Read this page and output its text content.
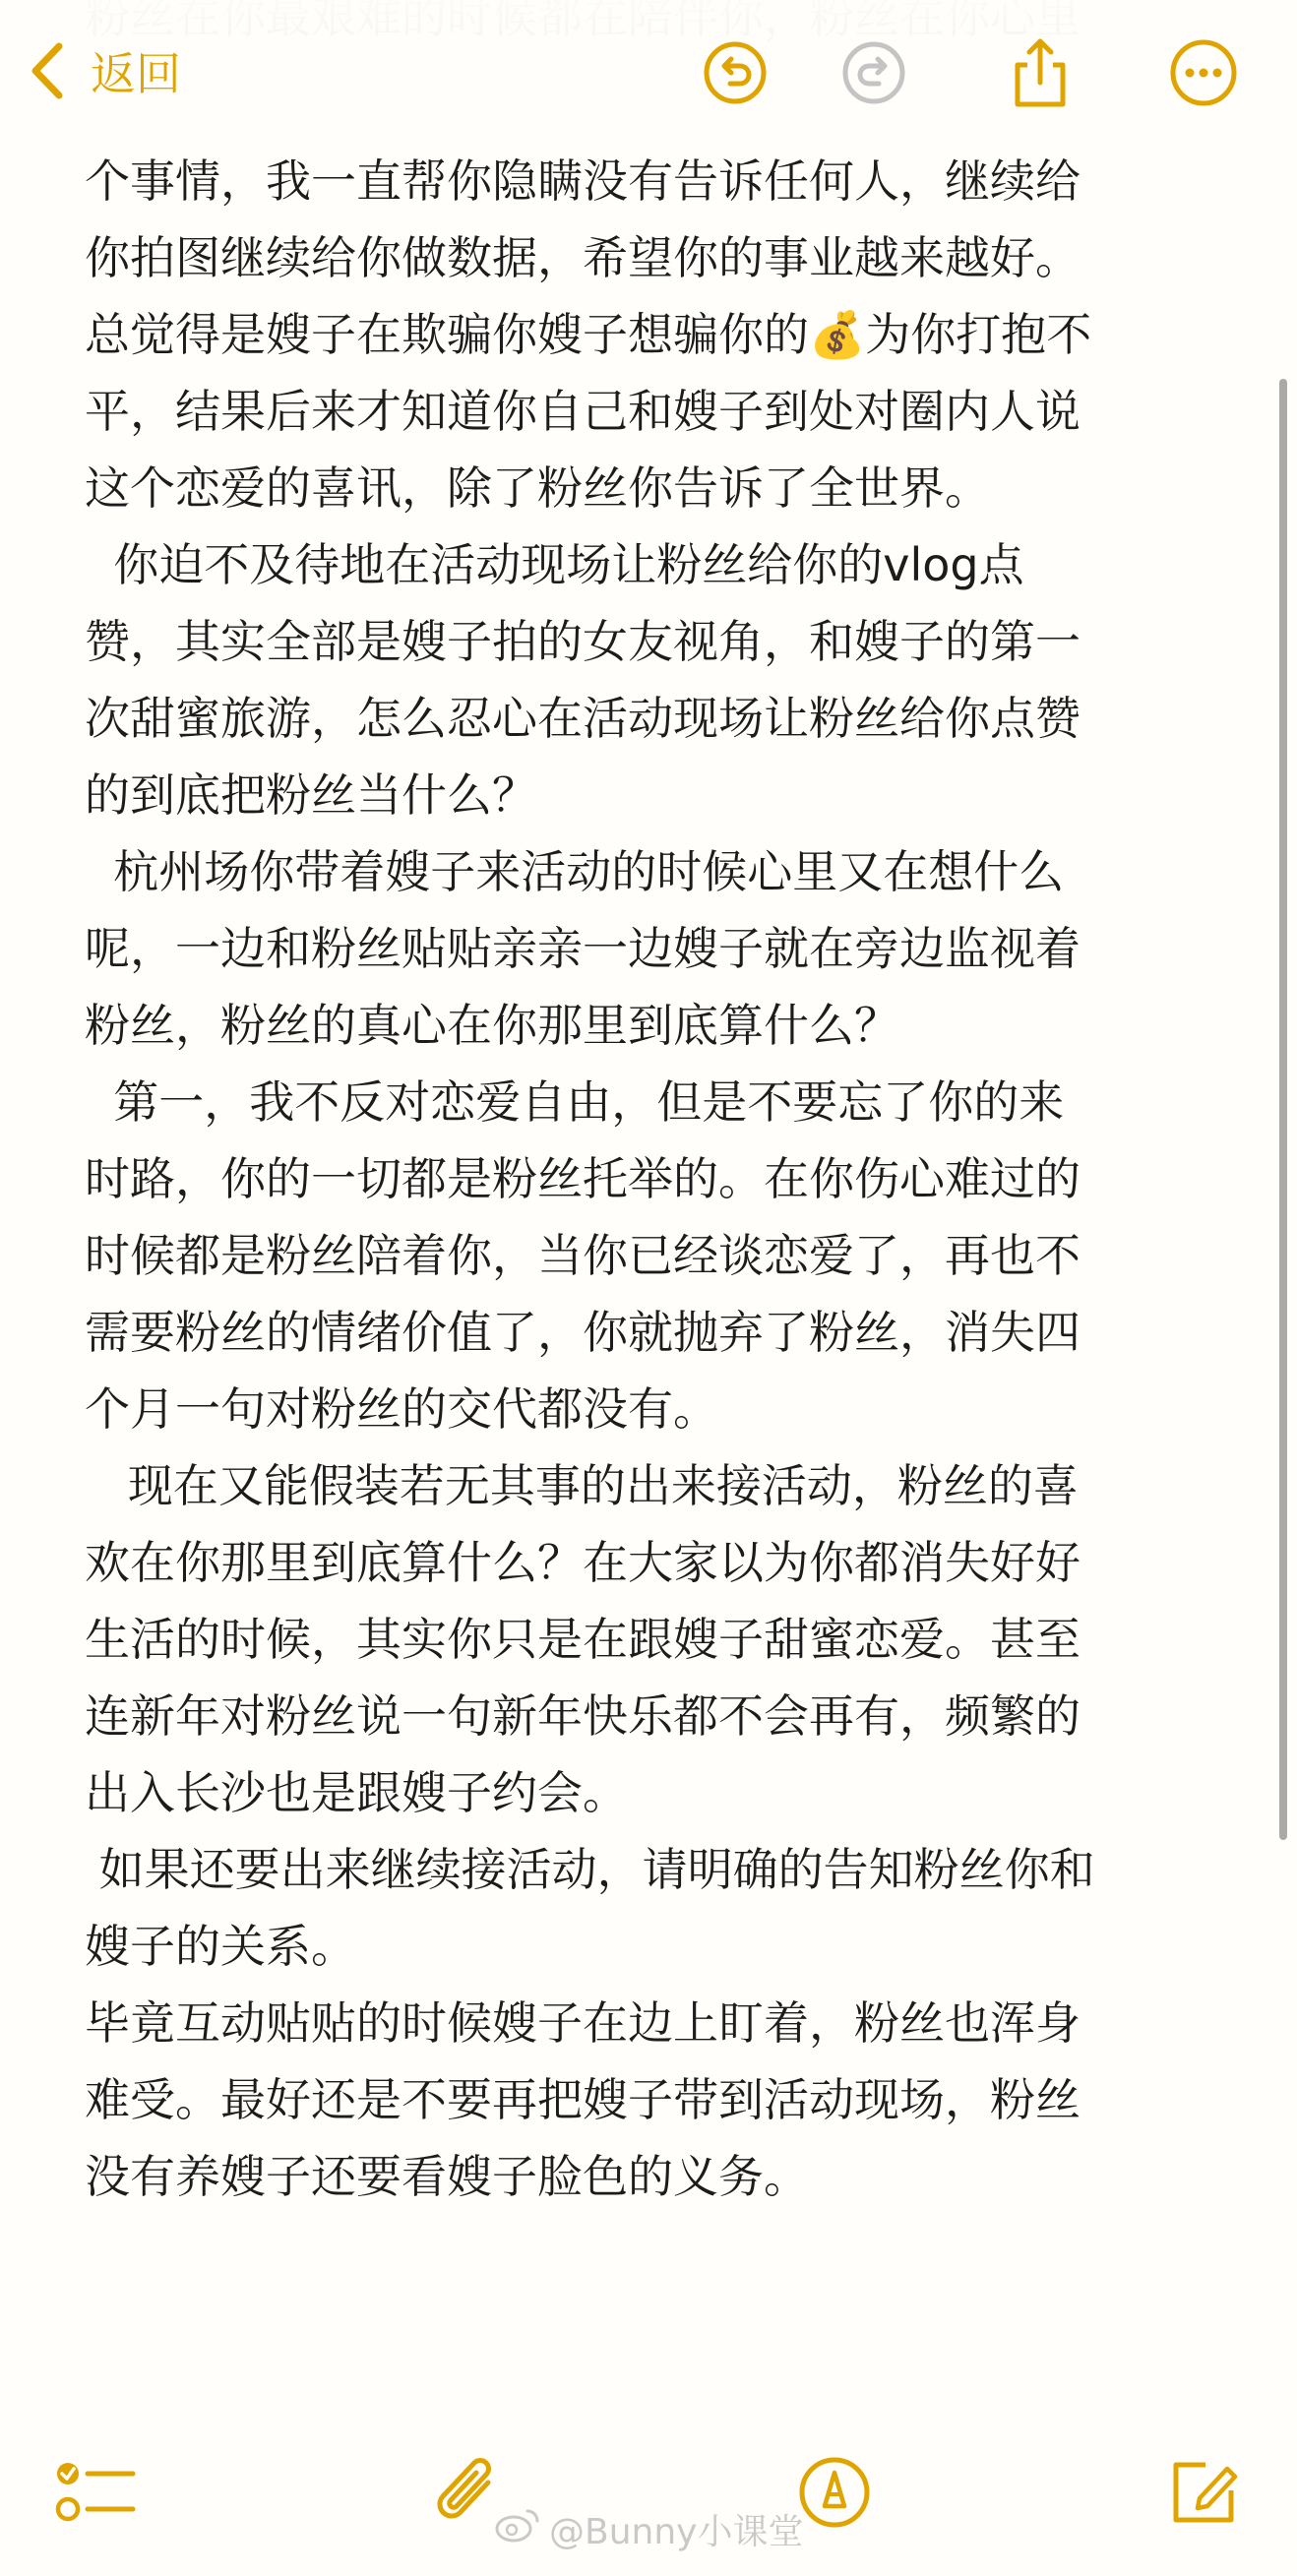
返回

个事情，我一直帮你隐瞒没有告诉任何人，继续给

你拍图继续给你做数据，希望你的事业越来越好。

总觉得是嫂子在欺骗你嫂子想骗你的💰为你打抱不

平，结果后来才知道你自己和嫂子到处对圈内人说

这个恋爱的喜讯，除了粉丝你告诉了全世界。

你迫不及待地在活动现场让粉丝给你的vlog点

赞，其实全部是嫂子拍的女友视角，和嫂子的第一

次甜蜜旅游，怎么忍心在活动现场让粉丝给你点赞

的到底把粉丝当什么？

杭州场你带着嫂子来活动的时候心里又在想什么

呢，一边和粉丝贴贴亲亲一边嫂子就在旁边监视着

粉丝，粉丝的真心在你那里到底算什么？

第一，我不反对恋爱自由，但是不要忘了你的来

时路，你的一切都是粉丝托举的。在你伤心难过的

时候都是粉丝陪着你，当你已经谈恋爱了，再也不

需要粉丝的情绪价值了，你就抛弃了粉丝，消失四

个月一句对粉丝的交代都没有。

现在又能假装若无其事的出来接活动，粉丝的喜

欢在你那里到底算什么？在大家以为你都消失好好

生活的时候，其实你只是在跟嫂子甜蜜恋爱。甚至

连新年对粉丝说一句新年快乐都不会再有，频繁的

出入长沙也是跟嫂子约会。

如果还要出来继续接活动，请明确的告知粉丝你和

嫂子的关系。

毕竟互动贴贴的时候嫂子在边上盯着，粉丝也浑身

难受。最好还是不要再把嫂子带到活动现场，粉丝

没有养嫂子还要看嫂子脸色的义务。

@Bunny小课堂
